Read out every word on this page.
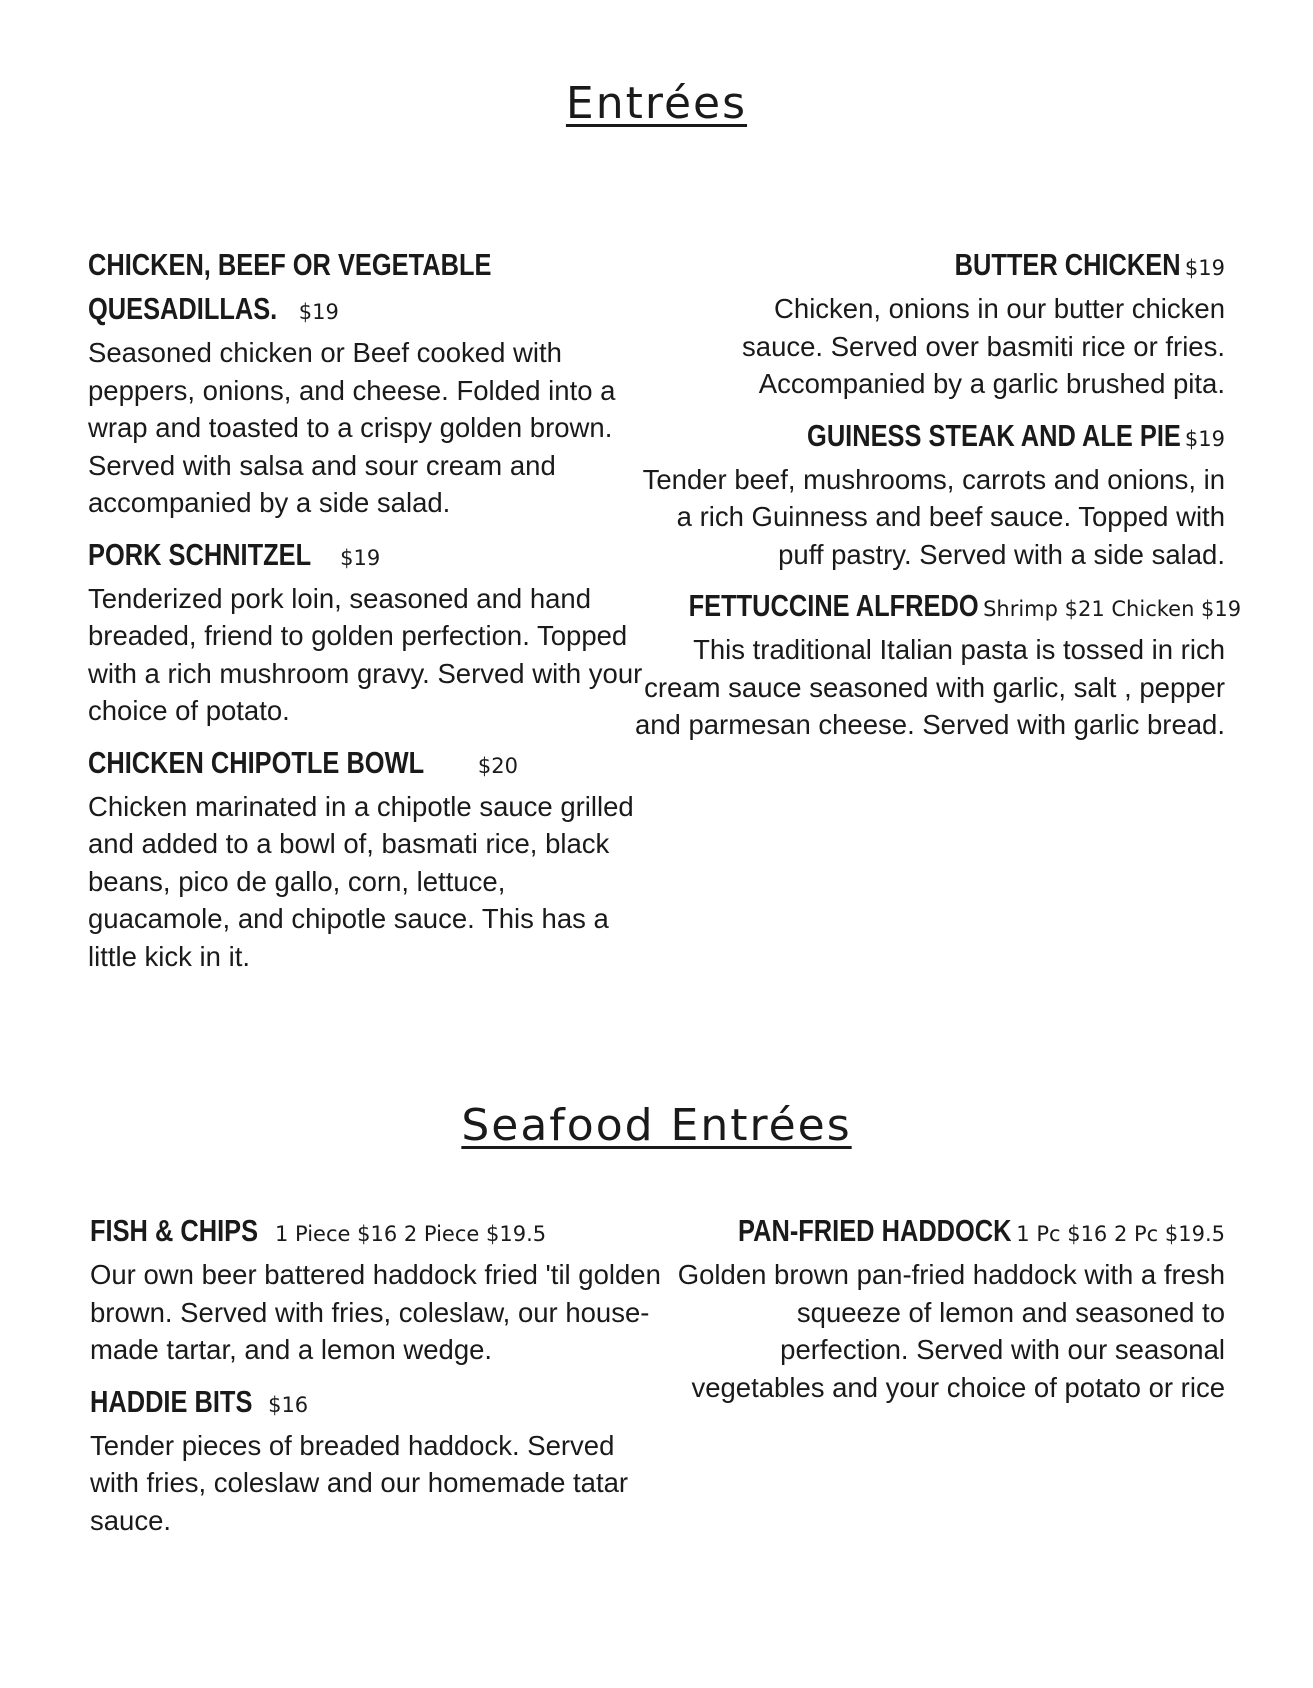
Entrées
CHICKEN, BEEF OR VEGETABLE
QUESADILLAS. $19

Seasoned chicken or Beef cooked with peppers, onions, and cheese. Folded into a wrap and toasted to a crispy golden brown. Served with salsa and sour cream and accompanied by a side salad.

PORK SCHNITZEL $19

Tenderized pork loin, seasoned and hand breaded, friend to golden perfection. Topped with a rich mushroom gravy. Served with your choice of potato.

CHICKEN CHIPOTLE BOWL	$20

Chicken marinated in a chipotle sauce grilled and added to a bowl of, basmati rice, black beans, pico de gallo, corn, lettuce, guacamole, and chipotle sauce. This has a little kick in it.

BUTTER CHICKEN $19

Chicken, onions in our butter chicken sauce. Served over basmiti rice or fries. Accompanied by a garlic brushed pita.

GUINESS STEAK AND ALE PIE $19

Tender beef, mushrooms, carrots and onions, in a rich Guinness and beef sauce. Topped with puff pastry. Served with a side salad.

FETTUCCINE ALFREDO Shrimp $21 Chicken $19

This traditional Italian pasta is tossed in rich cream sauce seasoned with garlic, salt , pepper and parmesan cheese. Served with garlic bread.

Seafood Entrées
FISH & CHIPS 1 Piece $16 2 Piece $19.5

Our own beer battered haddock fried 'til golden brown. Served with fries, coleslaw, our house-made tartar, and a lemon wedge.

HADDIE BITS $16

Tender pieces of breaded haddock. Served with fries, coleslaw and our homemade tatar sauce.

PAN-FRIED HADDOCK 1 Pc $16 2 Pc $19.5

Golden brown pan-fried haddock with a fresh squeeze of lemon and seasoned to perfection. Served with our seasonal vegetables and your choice of potato or rice
